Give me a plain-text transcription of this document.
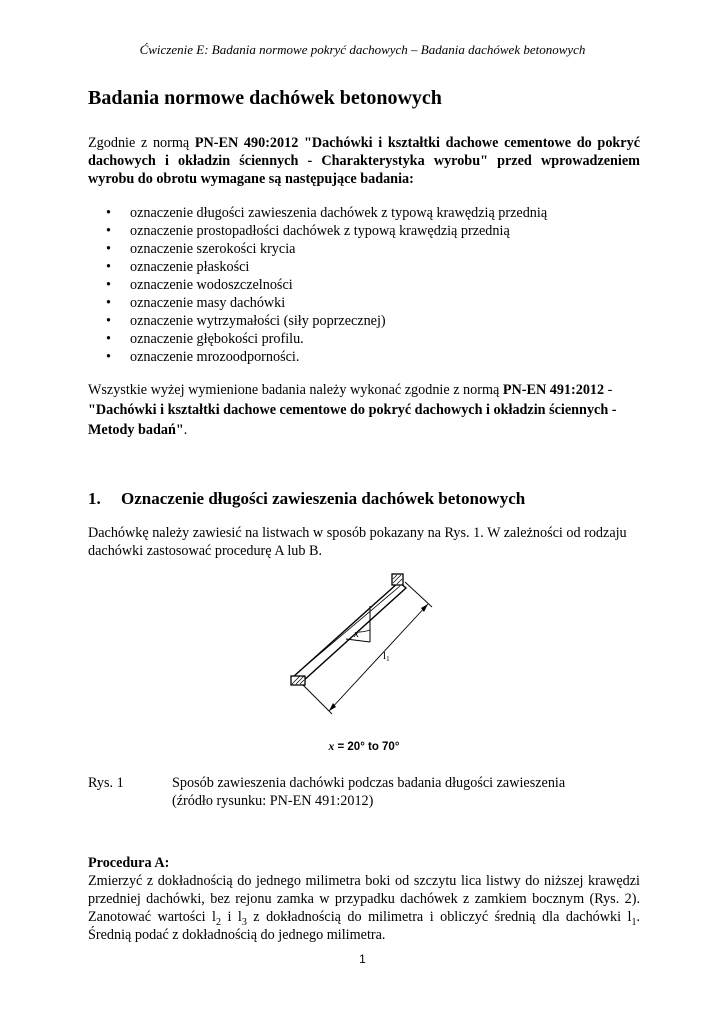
Ćwiczenie E: Badania normowe pokryć dachowych – Badania dachówek betonowych
Badania normowe dachówek betonowych

Zgodnie z normą PN-EN 490:2012 "Dachówki i kształtki dachowe cementowe do pokryć dachowych i okładzin ściennych - Charakterystyka wyrobu" przed wprowadzeniem wyrobu do obrotu wymagane są następujące badania:

• oznaczenie długości zawieszenia dachówek z typową krawędzią przednią
• oznaczenie prostopadłości dachówek z typową krawędzią przednią
• oznaczenie szerokości krycia
• oznaczenie płaskości
• oznaczenie wodoszczelności
• oznaczenie masy dachówki
• oznaczenie wytrzymałości (siły poprzecznej)
• oznaczenie głębokości profilu.
• oznaczenie mrozoodporności.

Wszystkie wyżej wymienione badania należy wykonać zgodnie z normą PN-EN 491:2012 - "Dachówki i kształtki dachowe cementowe do pokryć dachowych i okładzin ściennych - Metody badań".

1. Oznaczenie długości zawieszenia dachówek betonowych

Dachówkę należy zawiesić na listwach w sposób pokazany na Rys. 1. W zależności od rodzaju dachówki zastosować procedurę A lub B.

x
l1
x = 20° to 70°
Rys. 1	Sposób zawieszenia dachówki podczas badania długości zawieszenia
(źródło rysunku: PN-EN 491:2012)

Procedura A:

Zmierzyć z dokładnością do jednego milimetra boki od szczytu lica listwy do niższej krawędzi przedniej dachówki, bez rejonu zamka w przypadku dachówek z zamkiem bocznym (Rys. 2). Zanotować wartości $l_2$ i $l_3$ z dokładnością do milimetra i obliczyć średnią dla dachówki $l_1$. Średnią podać z dokładnością do jednego milimetra.

1
